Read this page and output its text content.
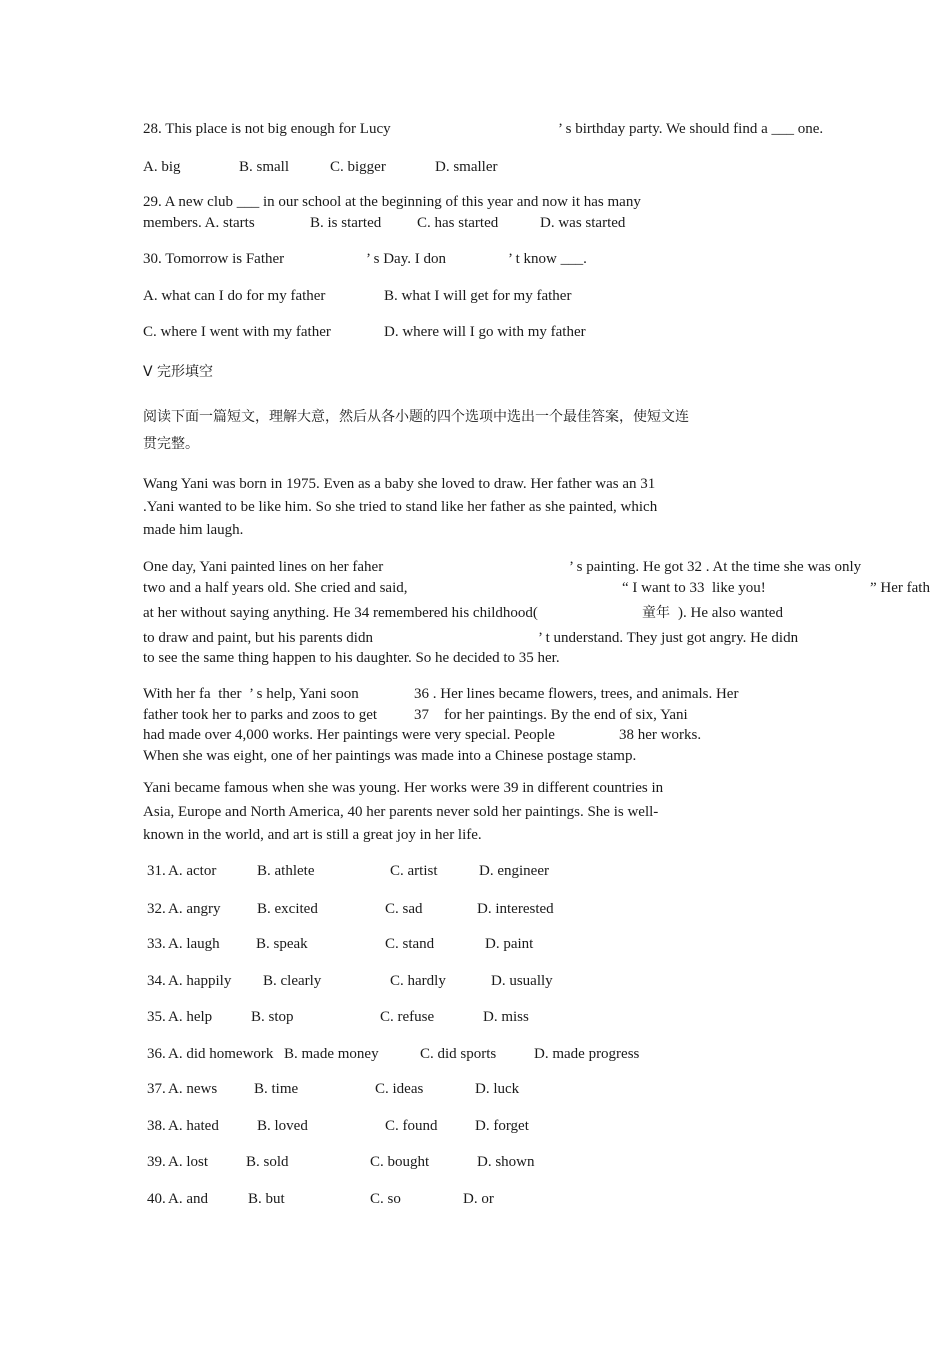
28. This place is not big enough for Lucy	’ s birthday party. We should find a ___ one.
A. big	B. small	C. bigger	D. smaller
29. A new club ___ in our school at the beginning of this year and now it has many
members. A. starts	B. is started C. has started	D. was started
30. Tomorrow is Father	’ s Day. I don	’ t know ___.
A. what can I do for my father	B. what I will get for my father
C. where I went with my father	D. where will I go with my father
V 完形填空
阅读下面一篇短文，理解大意，然后从各小题的四个选项中选出一个最佳答案，使短文连
贯完整。
Wang Yani was born in 1975. Even as a baby she loved to draw. Her father was an 31
.Yani wanted to be like him. So she tried to stand like her father as she painted, which
made him laugh.
One day, Yani painted lines on her faher	’ s painting. He got 32 . At the time she was only
two and a half years old. She cried and said,	“ I want to 33  like you!	” Her fath
at her without saying anything. He 34 remembered his childhood(	童年 ). He also wanted
to draw and paint, but his parents didn	’ t understand. They just got angry. He didn
to see the same thing happen to his daughter. So he decided to 35 her.
With her fa  ther  ’ s help, Yani soon	36 . Her lines became flowers, trees, and animals. Her
father took her to parks and zoos to get 37    for her paintings. By the end of six, Yani
had made over 4,000 works. Her paintings were very special. People	38 her works.
When she was eight, one of her paintings was made into a Chinese postage stamp.
Yani became famous when she was young. Her works were 39 in different countries in
Asia, Europe and North America, 40 her parents never sold her paintings. She is well-
known in the world, and art is still a great joy in her life.
31. A. actor	B. athlete	C. artist	D. engineer
32. A. angry B. excited	C. sad	D. interested
33. A. laugh B. speak	C. stand	D. paint
34. A. happily B. clearly	C. hardly	D. usually
35. A. help	B. stop	C. refuse	D. miss
36. A. did homework B. made money	C. did sports	D. made progress
37. A. news B. time	C. ideas	D. luck
38. A. hated	B. loved	C. found	D. forget
39. A. lost	B. sold	C. bought	D. shown
40. A. and	B. but	C. so	D. or
